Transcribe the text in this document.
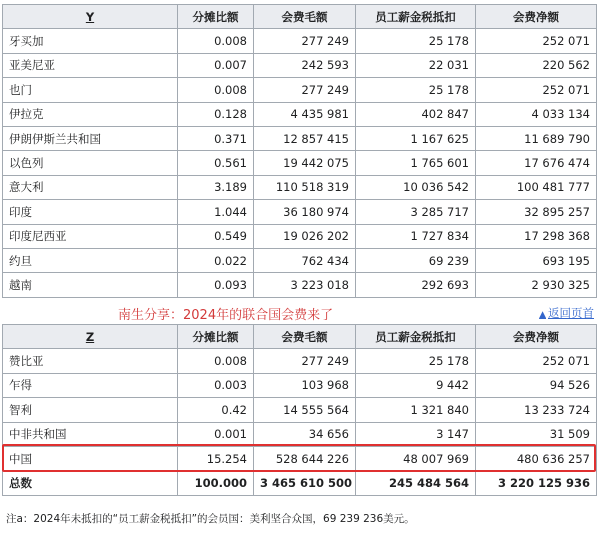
Y	分摊比额	会费毛额	员工薪金税抵扣	会费净额
牙买加	0.008	277 249	25 178	252 071
亚美尼亚	0.007	242 593	22 031	220 562
也门	0.008	277 249	25 178	252 071
伊拉克	0.128	4 435 981	402 847	4 033 134
伊朗伊斯兰共和国	0.371	12 857 415	1 167 625	11 689 790
以色列	0.561	19 442 075	1 765 601	17 676 474
意大利	3.189	110 518 319	10 036 542	100 481 777
印度	1.044	36 180 974	3 285 717	32 895 257
印度尼西亚	0.549	19 026 202	1 727 834	17 298 368
约旦	0.022	762 434	69 239	693 195
越南	0.093	3 223 018	292 693	2 930 325
南生分享：2024年的联合国会费来了	▲ 返回页首
Z	分摊比额	会费毛额	员工薪金税抵扣	会费净额
赞比亚	0.008	277 249	25 178	252 071
乍得	0.003	103 968	9 442	94 526
智利	0.42	14 555 564	1 321 840	13 233 724
中非共和国	0.001	34 656	3 147	31 509
中国	15.254	528 644 226	48 007 969	480 636 257
总数	100.000	3 465 610 500	245 484 564	3 220 125 936
注a：2024年未抵扣的“员工薪金税抵扣”的会员国：美利坚合众国，69 239 236美元。
